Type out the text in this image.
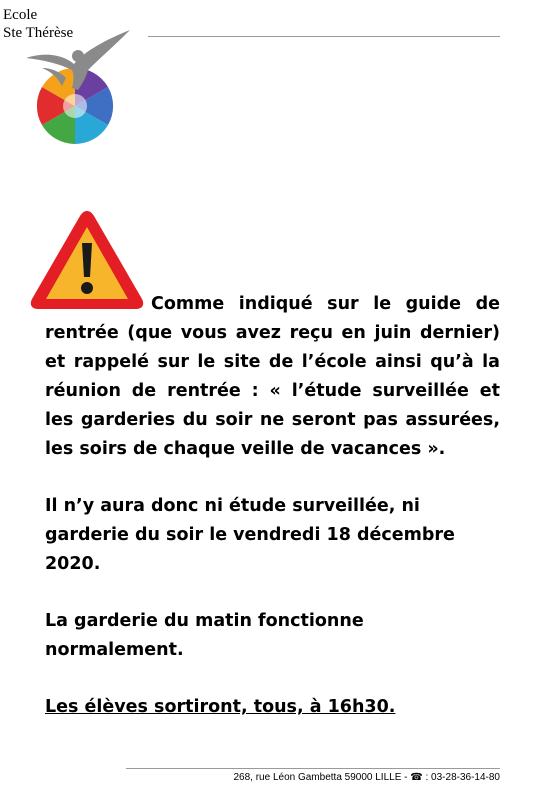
Ecole
Ste Thérèse

Comme indiqué sur le guide de rentrée (que vous avez reçu en juin dernier) et rappelé sur le site de l’école ainsi qu’à la réunion de rentrée : « l’étude surveillée et les garderies du soir ne seront pas assurées, les soirs de chaque veille de vacances ».

Il n’y aura donc ni étude surveillée, ni garderie du soir le vendredi 18 décembre 2020.

La garderie du matin fonctionne normalement.

Les élèves sortiront, tous, à 16h30.

268, rue Léon Gambetta 59000 LILLE - ☎ : 03-28-36-14-80
